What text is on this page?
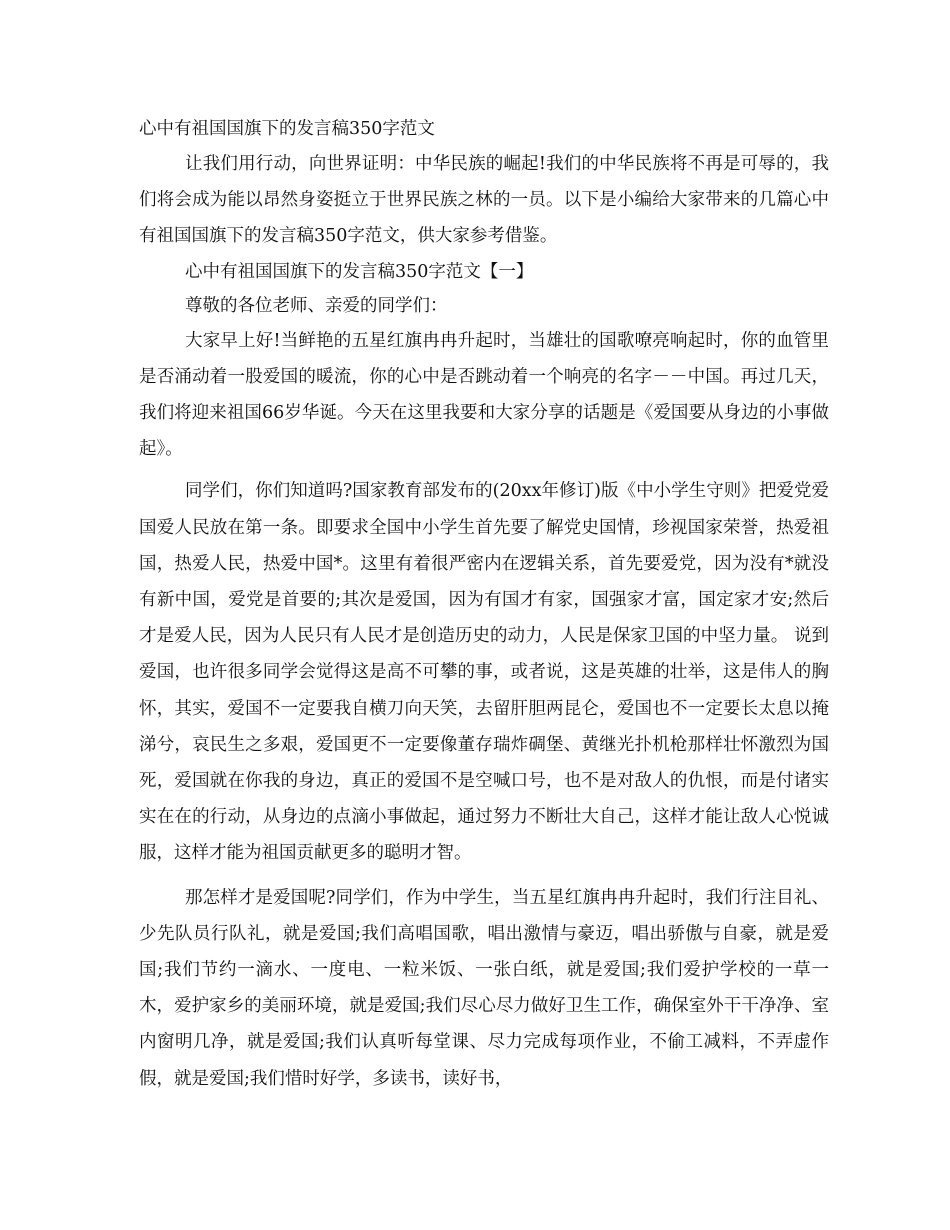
心中有祖国国旗下的发言稿350字范文

让我们用行动，向世界证明：中华民族的崛起!我们的中华民族将不再是可辱的，我们将会成为能以昂然身姿挺立于世界民族之林的一员。以下是小编给大家带来的几篇心中有祖国国旗下的发言稿350字范文，供大家参考借鉴。

心中有祖国国旗下的发言稿350字范文【一】

尊敬的各位老师、亲爱的同学们：

大家早上好!当鲜艳的五星红旗冉冉升起时，当雄壮的国歌嘹亮响起时，你的血管里是否涌动着一股爱国的暖流，你的心中是否跳动着一个响亮的名字－－中国。再过几天，我们将迎来祖国66岁华诞。今天在这里我要和大家分享的话题是《爱国要从身边的小事做起》。

同学们，你们知道吗?国家教育部发布的(20xx年修订)版《中小学生守则》把爱党爱国爱人民放在第一条。即要求全国中小学生首先要了解党史国情，珍视国家荣誉，热爱祖国，热爱人民，热爱中国*。这里有着很严密内在逻辑关系，首先要爱党，因为没有*就没有新中国，爱党是首要的;其次是爱国，因为有国才有家，国强家才富，国定家才安;然后才是爱人民，因为人民只有人民才是创造历史的动力，人民是保家卫国的中坚力量。 说到爱国，也许很多同学会觉得这是高不可攀的事，或者说，这是英雄的壮举，这是伟人的胸怀，其实，爱国不一定要我自横刀向天笑，去留肝胆两昆仑，爱国也不一定要长太息以掩涕兮，哀民生之多艰，爱国更不一定要像董存瑞炸碉堡、黄继光扑机枪那样壮怀激烈为国死，爱国就在你我的身边，真正的爱国不是空喊口号，也不是对敌人的仇恨，而是付诸实实在在的行动，从身边的点滴小事做起，通过努力不断壮大自己，这样才能让敌人心悦诚服，这样才能为祖国贡献更多的聪明才智。

那怎样才是爱国呢?同学们，作为中学生，当五星红旗冉冉升起时，我们行注目礼、少先队员行队礼，就是爱国;我们高唱国歌，唱出激情与豪迈，唱出骄傲与自豪，就是爱国;我们节约一滴水、一度电、一粒米饭、一张白纸，就是爱国;我们爱护学校的一草一木，爱护家乡的美丽环境，就是爱国;我们尽心尽力做好卫生工作，确保室外干干净净、室内窗明几净，就是爱国;我们认真听每堂课、尽力完成每项作业，不偷工减料，不弄虚作假，就是爱国;我们惜时好学，多读书，读好书，
